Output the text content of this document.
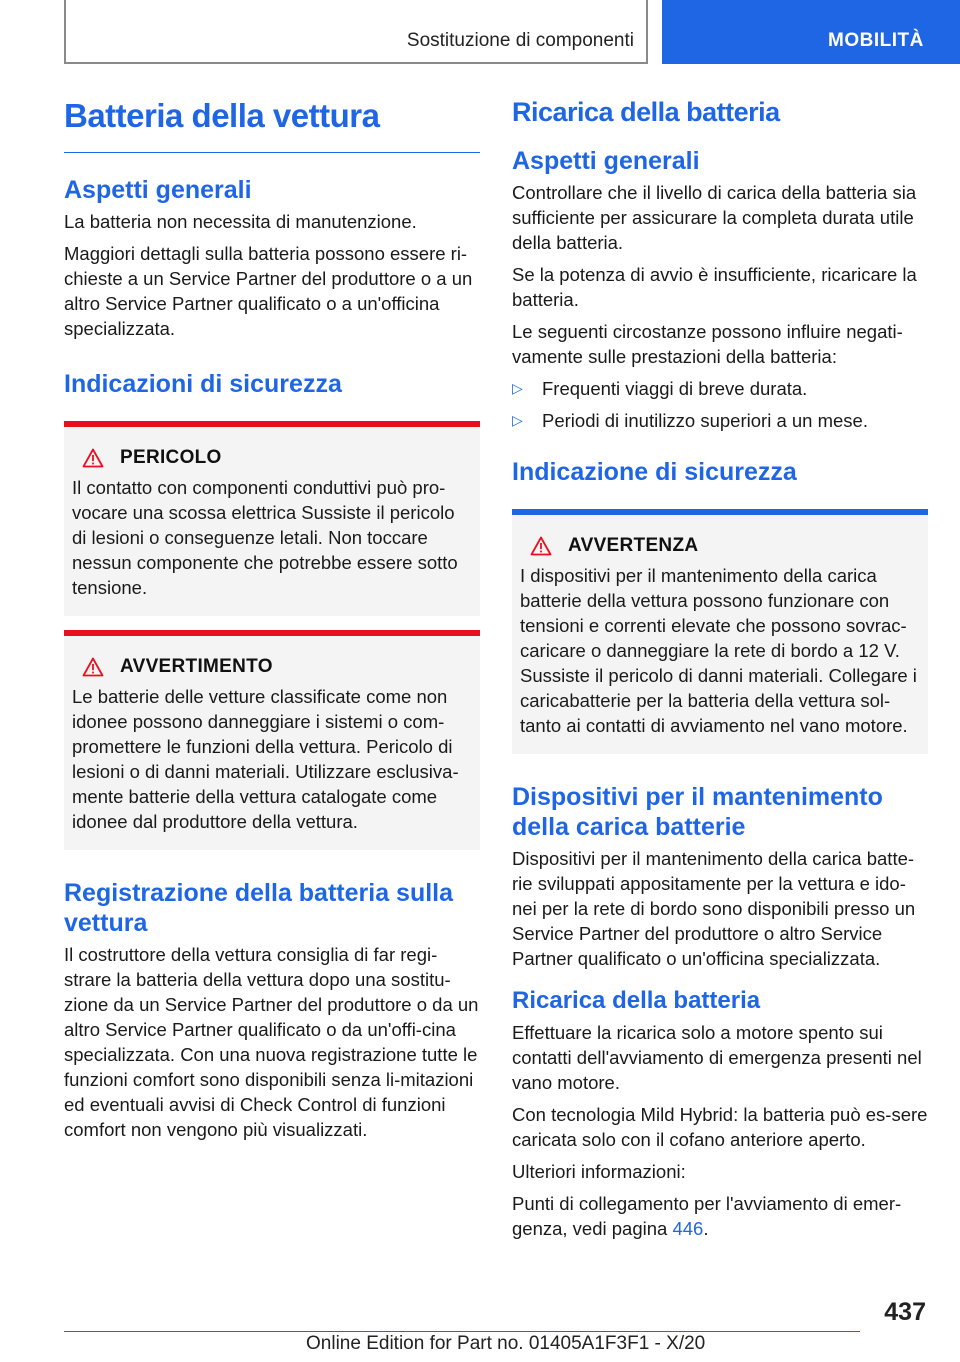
Sostituzione di componenti	MOBILITÀ
Batteria della vettura
Aspetti generali

La batteria non necessita di manutenzione.

Maggiori dettagli sulla batteria possono essere ri-chieste a un Service Partner del produttore o a un altro Service Partner qualificato o a un'officina specializzata.

Indicazioni di sicurezza
PERICOLO

Il contatto con componenti conduttivi può pro-vocare una scossa elettrica Sussiste il pericolo di lesioni o conseguenze letali. Non toccare nessun componente che potrebbe essere sotto tensione.

AVVERTIMENTO

Le batterie delle vetture classificate come non idonee possono danneggiare i sistemi o com-promettere le funzioni della vettura. Pericolo di lesioni o di danni materiali. Utilizzare esclusiva-mente batterie della vettura catalogate come idonee dal produttore della vettura.

Registrazione della batteria sulla vettura

Il costruttore della vettura consiglia di far regi-strare la batteria della vettura dopo una sostitu-zione da un Service Partner del produttore o da un altro Service Partner qualificato o da un'offi-cina specializzata. Con una nuova registrazione tutte le funzioni comfort sono disponibili senza li-mitazioni ed eventuali avvisi di Check Control di funzioni comfort non vengono più visualizzati.

Ricarica della batteria
Aspetti generali

Controllare che il livello di carica della batteria sia sufficiente per assicurare la completa durata utile della batteria.

Se la potenza di avvio è insufficiente, ricaricare la batteria.

Le seguenti circostanze possono influire negati-vamente sulle prestazioni della batteria:

▷ Frequenti viaggi di breve durata.
▷ Periodi di inutilizzo superiori a un mese.
Indicazione di sicurezza
AVVERTENZA

I dispositivi per il mantenimento della carica batterie della vettura possono funzionare con tensioni e correnti elevate che possono sovrac-caricare o danneggiare la rete di bordo a 12 V. Sussiste il pericolo di danni materiali. Collegare i caricabatterie per la batteria della vettura sol-tanto ai contatti di avviamento nel vano motore.

Dispositivi per il mantenimento della carica batterie

Dispositivi per il mantenimento della carica batte-rie sviluppati appositamente per la vettura e ido-nei per la rete di bordo sono disponibili presso un Service Partner del produttore o altro Service Partner qualificato o un'officina specializzata.

Ricarica della batteria

Effettuare la ricarica solo a motore spento sui contatti dell'avviamento di emergenza presenti nel vano motore.

Con tecnologia Mild Hybrid: la batteria può es-sere caricata solo con il cofano anteriore aperto.

Ulteriori informazioni:

Punti di collegamento per l'avviamento di emer-genza, vedi pagina 446.

437
Online Edition for Part no. 01405A1F3F1 - X/20
